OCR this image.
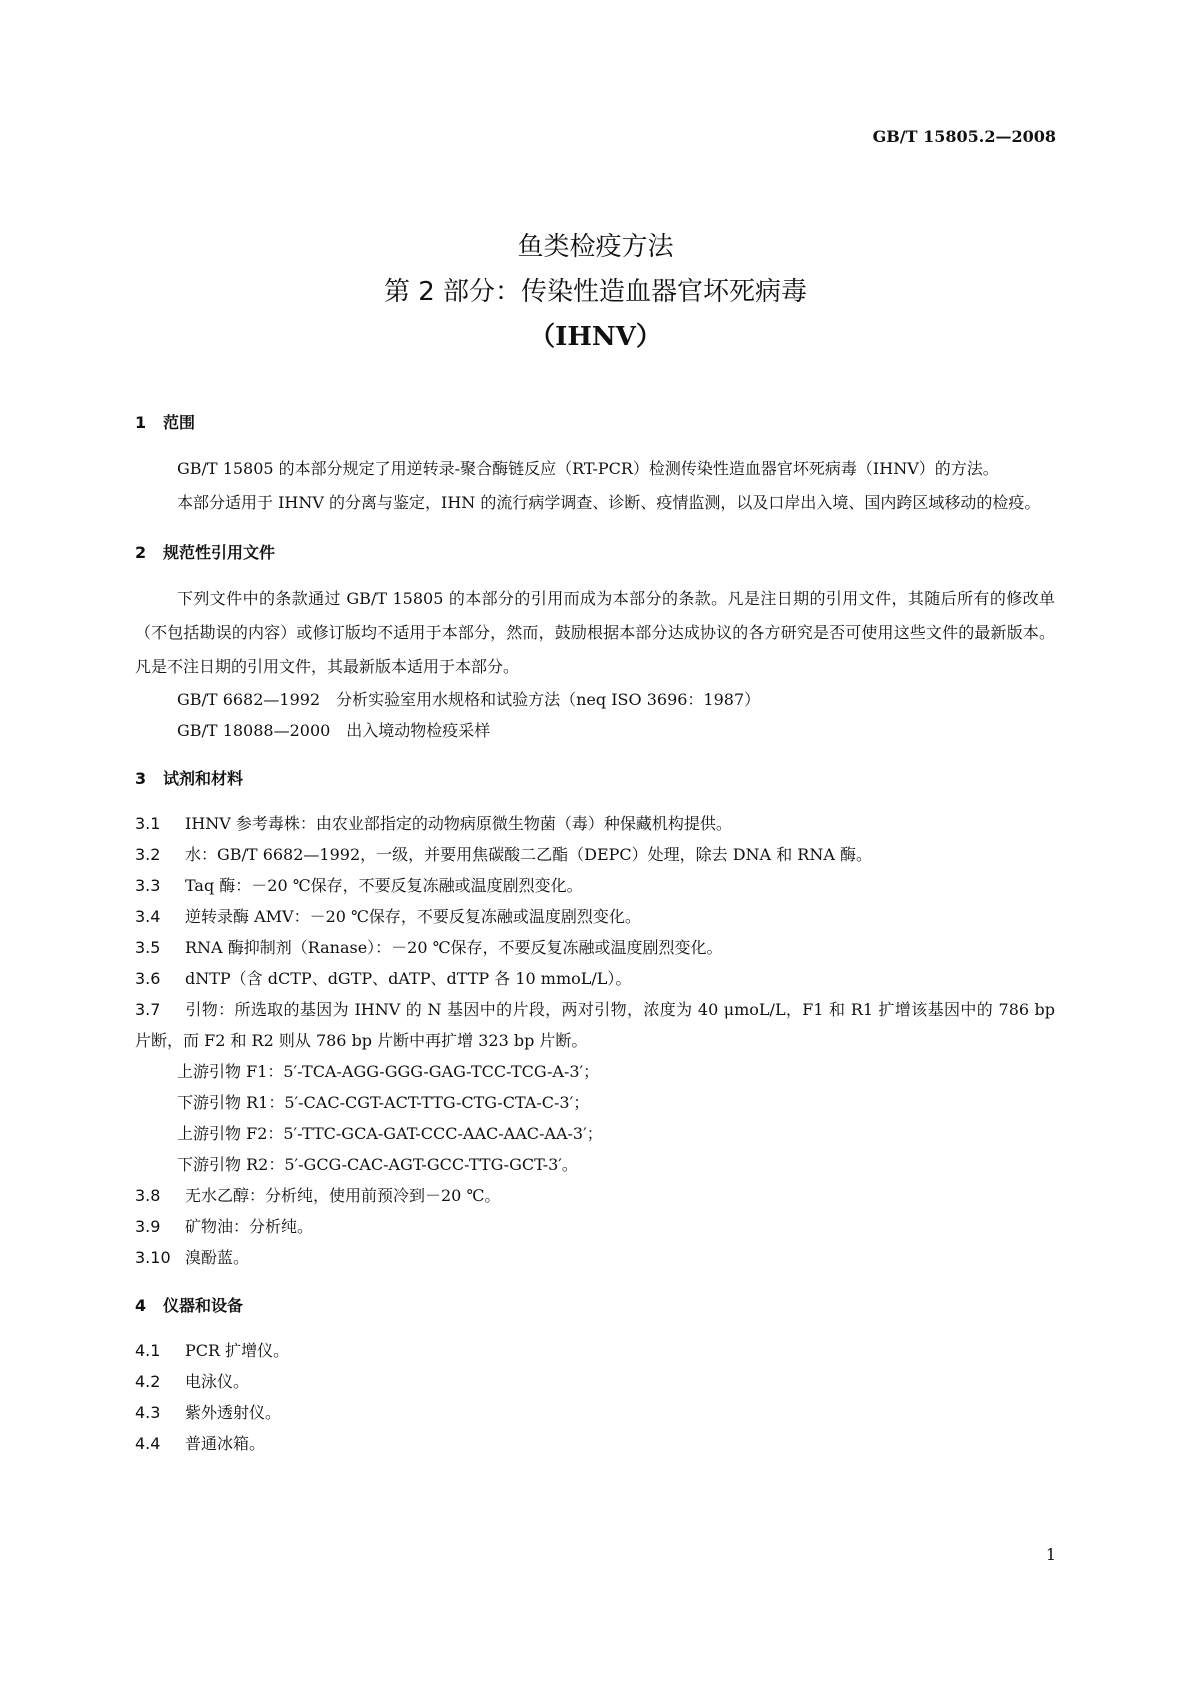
GB/T 15805.2—2008
鱼类检疫方法
第 2 部分：传染性造血器官坏死病毒
（IHNV）
1 范围

GB/T 15805 的本部分规定了用逆转录-聚合酶链反应（RT-PCR）检测传染性造血器官坏死病毒（IHNV）的方法。

本部分适用于 IHNV 的分离与鉴定，IHN 的流行病学调查、诊断、疫情监测，以及口岸出入境、国内跨区域移动的检疫。

2 规范性引用文件

下列文件中的条款通过 GB/T 15805 的本部分的引用而成为本部分的条款。凡是注日期的引用文件，其随后所有的修改单（不包括勘误的内容）或修订版均不适用于本部分，然而，鼓励根据本部分达成协议的各方研究是否可使用这些文件的最新版本。凡是不注日期的引用文件，其最新版本适用于本部分。

GB/T 6682—1992　分析实验室用水规格和试验方法（neq ISO 3696：1987）

GB/T 18088—2000　出入境动物检疫采样

3 试剂和材料

3.1 IHNV 参考毒株：由农业部指定的动物病原微生物菌（毒）种保藏机构提供。

3.2 水：GB/T 6682—1992，一级，并要用焦碳酸二乙酯（DEPC）处理，除去 DNA 和 RNA 酶。

3.3 Taq 酶：－20 ℃保存，不要反复冻融或温度剧烈变化。

3.4 逆转录酶 AMV：－20 ℃保存，不要反复冻融或温度剧烈变化。

3.5 RNA 酶抑制剂（Ranase）：－20 ℃保存，不要反复冻融或温度剧烈变化。

3.6 dNTP（含 dCTP、dGTP、dATP、dTTP 各 10 mmoL/L）。

3.7 引物：所选取的基因为 IHNV 的 N 基因中的片段，两对引物，浓度为 40 μmoL/L，F1 和 R1 扩增该基因中的 786 bp 片断，而 F2 和 R2 则从 786 bp 片断中再扩增 323 bp 片断。

上游引物 F1：5′-TCA-AGG-GGG-GAG-TCC-TCG-A-3′；

下游引物 R1：5′-CAC-CGT-ACT-TTG-CTG-CTA-C-3′；

上游引物 F2：5′-TTC-GCA-GAT-CCC-AAC-AAC-AA-3′；

下游引物 R2：5′-GCG-CAC-AGT-GCC-TTG-GCT-3′。

3.8 无水乙醇：分析纯，使用前预冷到－20 ℃。

3.9 矿物油：分析纯。

3.10 溴酚蓝。

4 仪器和设备

4.1 PCR 扩增仪。

4.2 电泳仪。

4.3 紫外透射仪。

4.4 普通冰箱。

1
